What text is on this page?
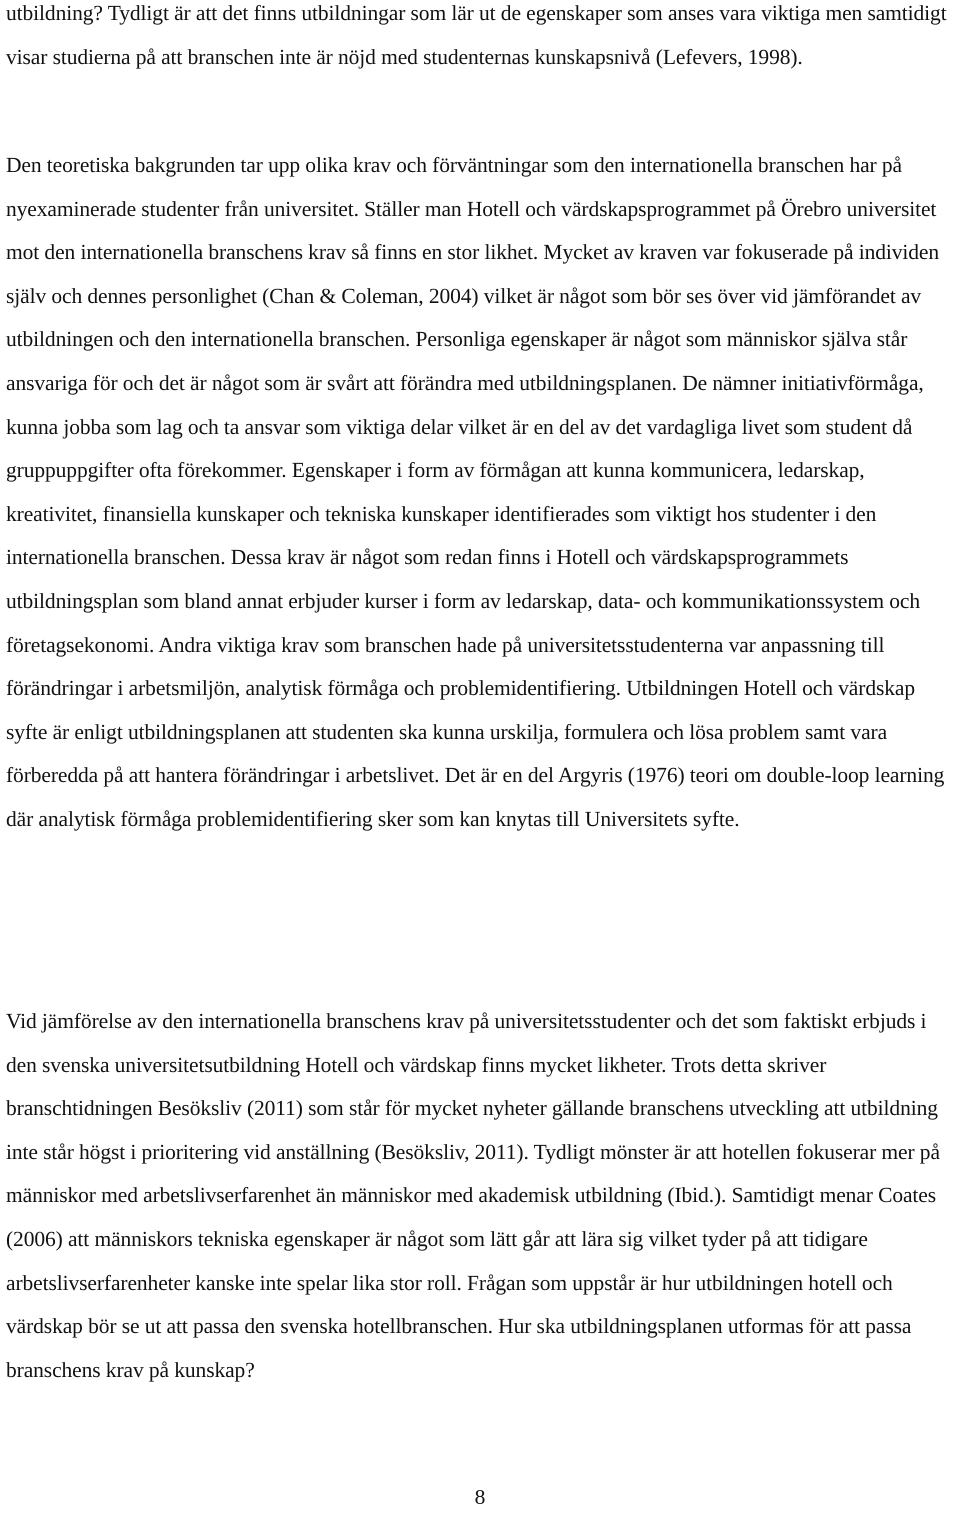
utbildning? Tydligt är att det finns utbildningar som lär ut de egenskaper som anses vara viktiga men samtidigt visar studierna på att branschen inte är nöjd med studenternas kunskapsnivå (Lefevers, 1998).

Den teoretiska bakgrunden tar upp olika krav och förväntningar som den internationella branschen har på nyexaminerade studenter från universitet. Ställer man Hotell och värdskapsprogrammet på Örebro universitet mot den internationella branschens krav så finns en stor likhet. Mycket av kraven var fokuserade på individen själv och dennes personlighet (Chan & Coleman, 2004) vilket är något som bör ses över vid jämförandet av utbildningen och den internationella branschen. Personliga egenskaper är något som människor själva står ansvariga för och det är något som är svårt att förändra med utbildningsplanen. De nämner initiativförmåga, kunna jobba som lag och ta ansvar som viktiga delar vilket är en del av det vardagliga livet som student då gruppuppgifter ofta förekommer. Egenskaper i form av förmågan att kunna kommunicera, ledarskap, kreativitet, finansiella kunskaper och tekniska kunskaper identifierades som viktigt hos studenter i den internationella branschen. Dessa krav är något som redan finns i Hotell och värdskapsprogrammets utbildningsplan som bland annat erbjuder kurser i form av ledarskap, data- och kommunikationssystem och företagsekonomi. Andra viktiga krav som branschen hade på universitetsstudenterna var anpassning till förändringar i arbetsmiljön, analytisk förmåga och problemidentifiering. Utbildningen Hotell och värdskap syfte är enligt utbildningsplanen att studenten ska kunna urskilja, formulera och lösa problem samt vara förberedda på att hantera förändringar i arbetslivet. Det är en del Argyris (1976) teori om double-loop learning där analytisk förmåga problemidentifiering sker som kan knytas till Universitets syfte.

Vid jämförelse av den internationella branschens krav på universitetsstudenter och det som faktiskt erbjuds i den svenska universitetsutbildning Hotell och värdskap finns mycket likheter. Trots detta skriver branschtidningen Besöksliv (2011) som står för mycket nyheter gällande branschens utveckling att utbildning inte står högst i prioritering vid anställning (Besöksliv, 2011). Tydligt mönster är att hotellen fokuserar mer på människor med arbetslivserfarenhet än människor med akademisk utbildning (Ibid.). Samtidigt menar Coates (2006) att människors tekniska egenskaper är något som lätt går att lära sig vilket tyder på att tidigare arbetslivserfarenheter kanske inte spelar lika stor roll. Frågan som uppstår är hur utbildningen hotell och värdskap bör se ut att passa den svenska hotellbranschen. Hur ska utbildningsplanen utformas för att passa branschens krav på kunskap?

8
